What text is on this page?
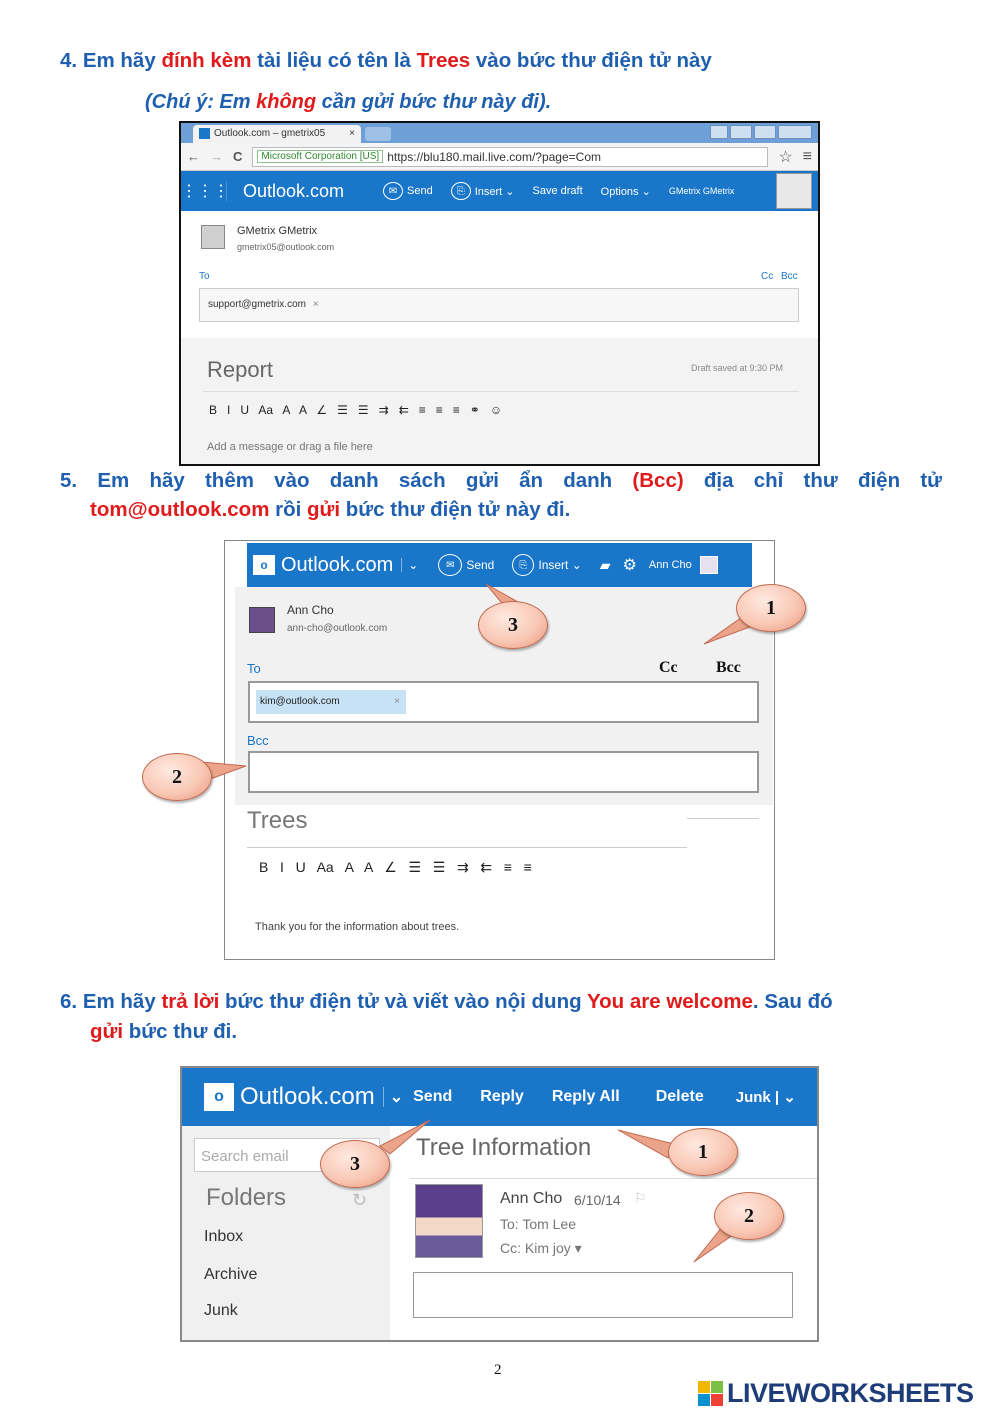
4. Em hãy đính kèm tài liệu có tên là Trees vào bức thư điện tử này
(Chú ý: Em không cần gửi bức thư này đi).
Outlook.com – gmetrix05 ×
← → C	Microsoft Corporation [US] https://blu180.mail.live.com/?page=Com	☆ ≡
⋮⋮⋮ Outlook.com	✉ Send	⎘ Insert ⌄ Save draft Options ⌄ GMetrix GMetrix
GMetrix GMetrix
gmetrix05@outlook.com
To	Cc Bcc
support@gmetrix.com ×
Report	Draft saved at 9:30 PM
B   I   U   Aa   A   A   ∠   ☰   ☰   ⇉   ⇇   ≡   ≡   ≡   ⚭   ☺
Add a message or drag a file here
5. Em hãy thêm vào danh sách gửi ẩn danh (Bcc) địa chỉ thư điện tử
tom@outlook.com rồi gửi bức thư điện tử này đi.
o Outlook.com	⌄	✉ Send	⎘ Insert ⌄ ▰ ⚙ Ann Cho
Ann Cho
ann-cho@outlook.com
To	Cc Bcc
kim@outlook.com	×
Bcc
Trees
B   I   U   Aa   A   A   ∠   ☰   ☰   ⇉   ⇇   ≡   ≡
Thank you for the information about trees.
1
2
3
6. Em hãy trả lời bức thư điện tử và viết vào nội dung You are welcome. Sau đó
gửi bức thư đi.
o Outlook.com ⌄ Send Reply Reply All Delete Junk | ⌄
Search email
Folders	↻
Inbox
Archive
Junk
Tree Information
Ann Cho 6/10/14 ⚐
To: Tom Lee
Cc: Kim joy ▾
1
2
3
2
LIVEWORKSHEETS
